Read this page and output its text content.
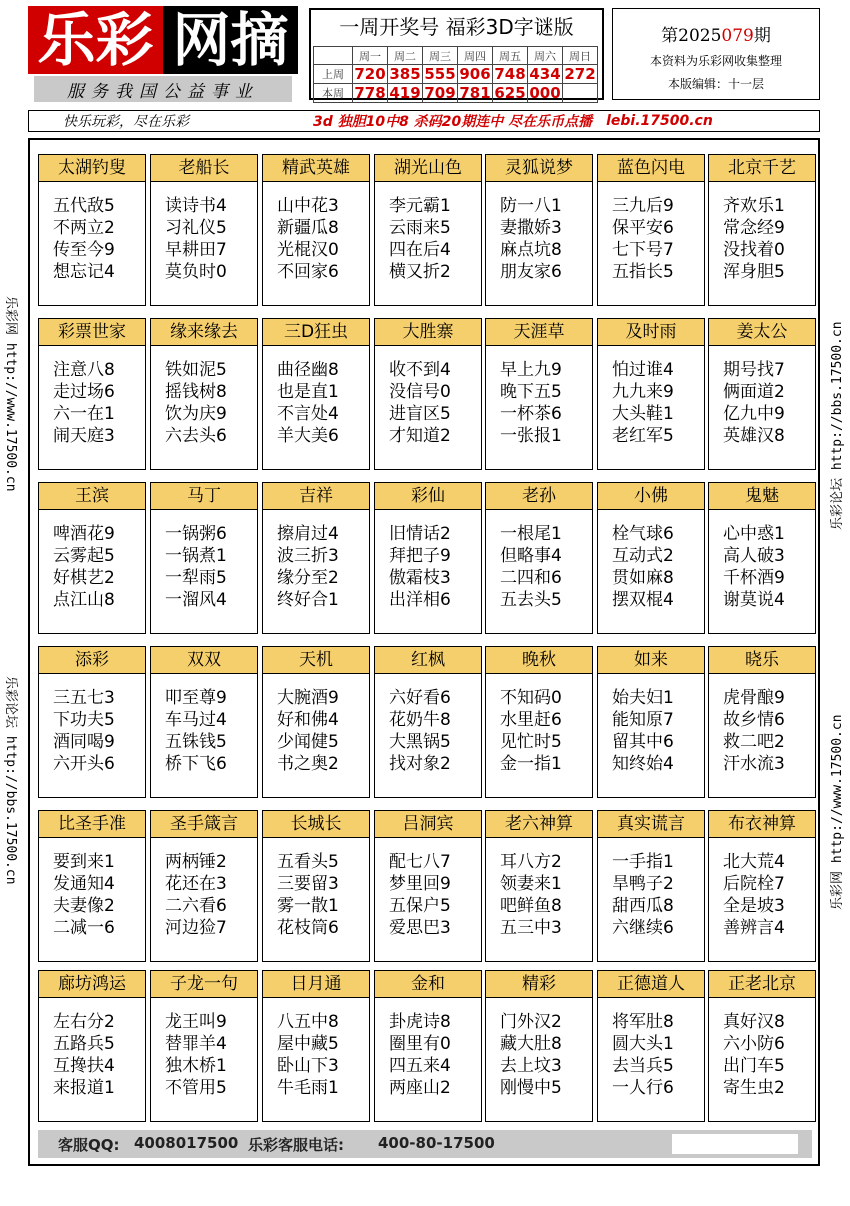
乐彩 网摘
服务我国公益事业
一周开奖号 福彩3D字谜版
	周一	周二	周三	周四	周五	周六	周日
上周	720	385	555	906	748	434	272
本周	778	419	709	781	625	000	
第2025079期
本资料为乐彩网收集整理
本版编辑：十一层
快乐玩彩，尽在乐彩	3d 独胆10中8 杀码20期连中 尽在乐币点播 lebi.17500.cn
乐彩网 http://www.17500.cn
乐彩论坛 http://bbs.17500.cn
乐彩论坛 http://bbs.17500.cn
乐彩网 http://www.17500.cn
太湖钓叟
五代敌5
不两立2
传至今9
想忘记4
老船长
读诗书4
习礼仪5
早耕田7
莫负时0
精武英雄
山中花3
新疆瓜8
光棍汉0
不回家6
湖光山色
李元霸1
云雨来5
四在后4
横又折2
灵狐说梦
防一八1
妻撒娇3
麻点坑8
朋友家6
蓝色闪电
三九后9
保平安6
七下号7
五指长5
北京千艺
齐欢乐1
常念经9
没找着0
浑身胆5
彩票世家
注意八8
走过场6
六一在1
闹天庭3
缘来缘去
铁如泥5
摇钱树8
饮为庆9
六去头6
三D狂虫
曲径幽8
也是直1
不言处4
羊大美6
大胜寨
收不到4
没信号0
进盲区5
才知道2
天涯草
早上九9
晚下五5
一杯茶6
一张报1
及时雨
怕过谁4
九九来9
大头鞋1
老红军5
姜太公
期号找7
俩面道2
亿九中9
英雄汉8
王滨
啤酒花9
云雾起5
好棋艺2
点江山8
马丁
一锅粥6
一锅煮1
一犁雨5
一溜风4
吉祥
擦肩过4
波三折3
缘分至2
终好合1
彩仙
旧情话2
拜把子9
傲霜枝3
出洋相6
老孙
一根尾1
但略事4
二四和6
五去头5
小佛
栓气球6
互动式2
贯如麻8
摆双棍4
鬼魅
心中惑1
高人破3
千杯酒9
谢莫说4
添彩
三五七3
下功夫5
酒同喝9
六开头6
双双
叩至尊9
车马过4
五铢钱5
桥下飞6
天机
大腕酒9
好和佛4
少闻健5
书之奥2
红枫
六好看6
花奶牛8
大黑锅5
找对象2
晚秋
不知码0
水里赶6
见忙时5
金一指1
如来
始夫妇1
能知原7
留其中6
知终始4
晓乐
虎骨酿9
故乡情6
救二吧2
汗水流3
比圣手准
要到来1
发通知4
夫妻像2
二减一6
圣手箴言
两柄锤2
花还在3
二六看6
河边猃7
长城长
五看头5
三要留3
雾一散1
花枝筒6
吕洞宾
配七八7
梦里回9
五保户5
爱思巴3
老六神算
耳八方2
领妻来1
吧鲜鱼8
五三中3
真实谎言
一手指1
旱鸭子2
甜西瓜8
六继续6
布衣神算
北大荒4
后院栓7
全是坡3
善辨言4
廊坊鸿运
左右分2
五路兵5
互搀扶4
来报道1
子龙一句
龙王叫9
替罪羊4
独木桥1
不管用5
日月通
八五中8
屋中藏5
卧山下3
牛毛雨1
金和
卦虎诗8
圈里有0
四五来4
两座山2
精彩
门外汉2
藏大肚8
去上坟3
刚慢中5
正德道人
将军肚8
圆大头1
去当兵5
一人行6
正老北京
真好汉8
六小防6
出门车5
寄生虫2
客服QQ: 4008017500 乐彩客服电话: 400-80-17500
